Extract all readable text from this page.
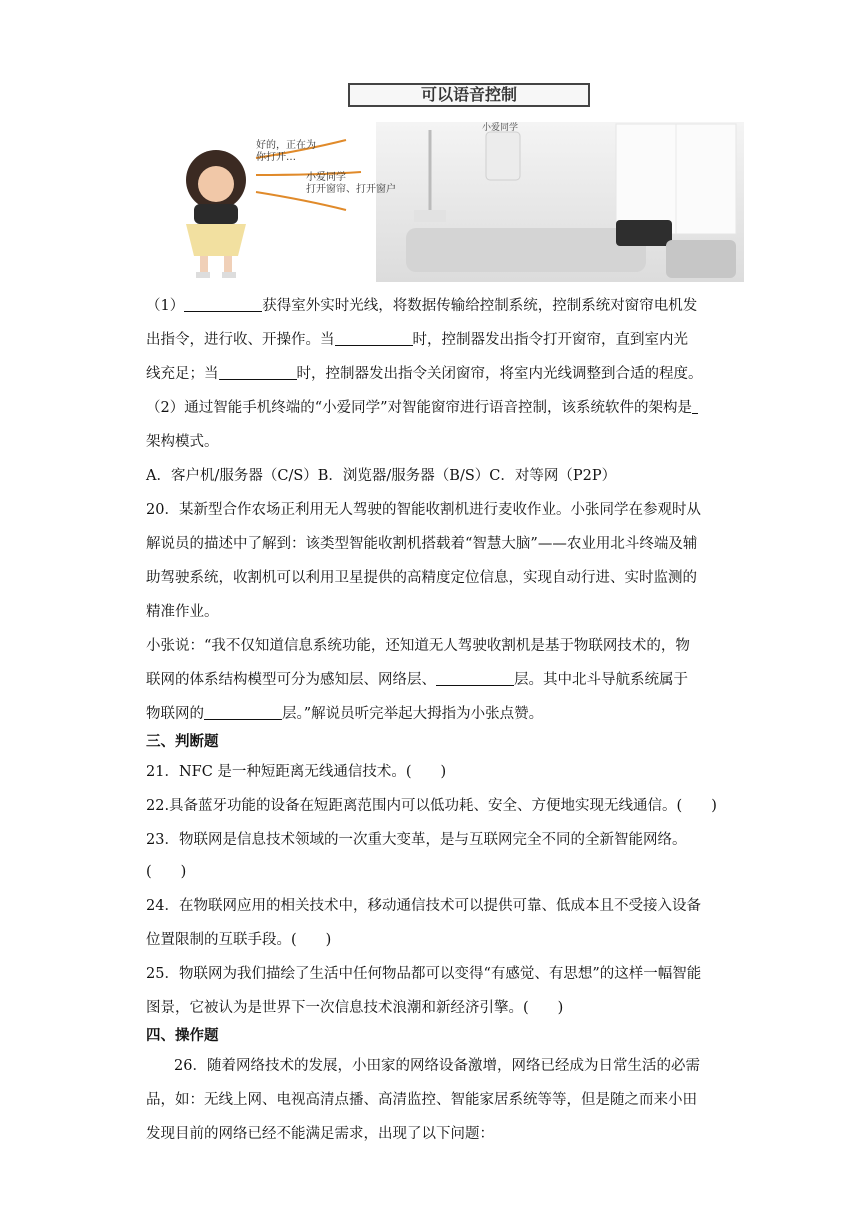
可以语音控制
好的，正在为
你打开…
小爱同学
打开窗帘、打开窗户
小爱同学
（1）	获得室外实时光线，将数据传输给控制系统，控制系统对窗帘电机发
出指令，进行收、开操作。当	时，控制器发出指令打开窗帘，直到室内光
线充足；当	时，控制器发出指令关闭窗帘，将室内光线调整到合适的程度。
（2）通过智能手机终端的“小爱同学”对智能窗帘进行语音控制，该系统软件的架构是
架构模式。
A．客户机/服务器（C/S）B．浏览器/服务器（B/S）C．对等网（P2P）
20．某新型合作农场正利用无人驾驶的智能收割机进行麦收作业。小张同学在参观时从
解说员的描述中了解到：该类型智能收割机搭载着“智慧大脑”——农业用北斗终端及辅
助驾驶系统，收割机可以利用卫星提供的高精度定位信息，实现自动行进、实时监测的
精准作业。
小张说：“我不仅知道信息系统功能，还知道无人驾驶收割机是基于物联网技术的，物
联网的体系结构模型可分为感知层、网络层、	层。其中北斗导航系统属于
物联网的	层。”解说员听完举起大拇指为小张点赞。
三、判断题
21．NFC 是一种短距离无线通信技术。(  )
22.具备蓝牙功能的设备在短距离范围内可以低功耗、安全、方便地实现无线通信。(  )
23．物联网是信息技术领域的一次重大变革，是与互联网完全不同的全新智能网络。
(  )
24．在物联网应用的相关技术中，移动通信技术可以提供可靠、低成本且不受接入设备
位置限制的互联手段。(  )
25．物联网为我们描绘了生活中任何物品都可以变得“有感觉、有思想”的这样一幅智能
图景，它被认为是世界下一次信息技术浪潮和新经济引擎。(  )
四、操作题
26．随着网络技术的发展，小田家的网络设备激增，网络已经成为日常生活的必需
品，如：无线上网、电视高清点播、高清监控、智能家居系统等等，但是随之而来小田
发现目前的网络已经不能满足需求，出现了以下问题：
